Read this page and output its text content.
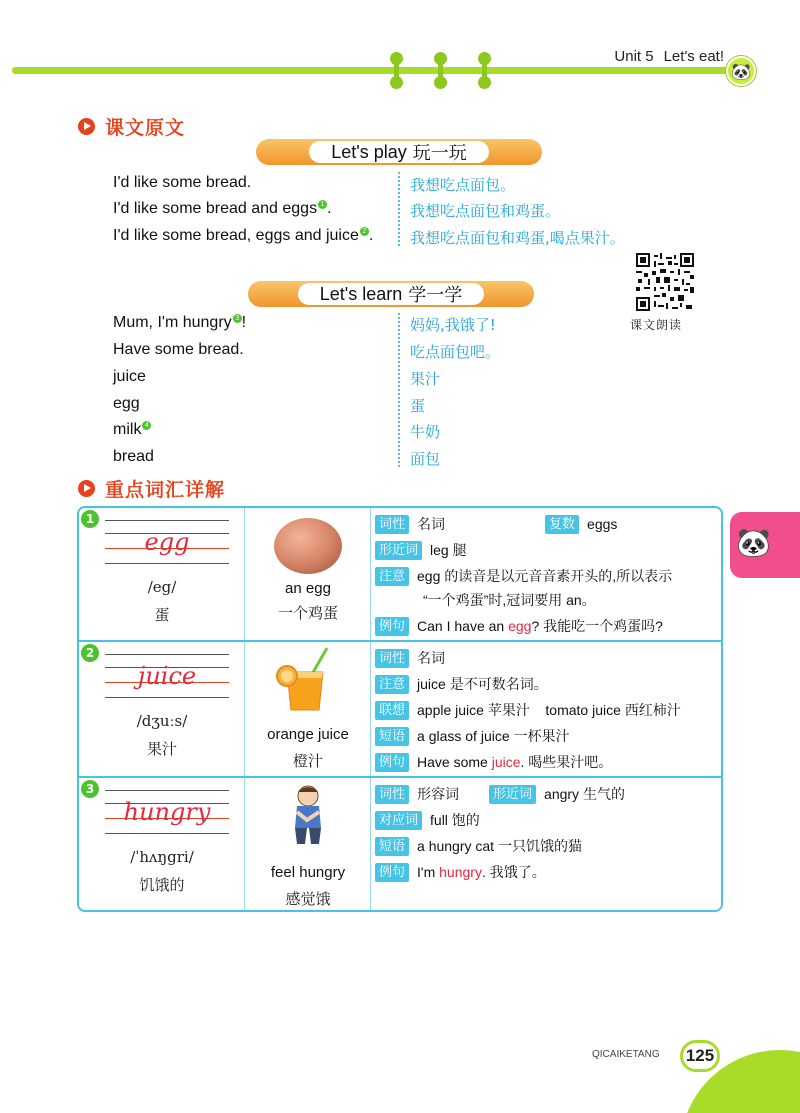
Unit 5 Let's eat!
🐼
课文原文
Let's play 玩一玩
I'd like some bread.	我想吃点面包。
I'd like some bread and eggs $^1$ .	我想吃点面包和鸡蛋。
I'd like some bread, eggs and juice $^2$ . 我想吃点面包和鸡蛋,喝点果汁。
Let's learn 学一学
课文朗读
Mum, I'm hungry $^3$ !	妈妈,我饿了!
Have some bread.	吃点面包吧。
juice	果汁
egg	蛋
milk $^4$	牛奶
bread	面包
重点词汇详解
1
egg
/eg/
蛋
an egg
一个鸡蛋
词性 名词	复数 eggs
形近词 leg 腿
注意 egg 的读音是以元音音素开头的,所以表示
“一个鸡蛋”时,冠词要用 an。
例句 Can I have an egg ? 我能吃一个鸡蛋吗?
2
juice
/dʒuːs/
果汁
orange juice
橙汁
词性 名词
注意 juice 是不可数名词。
联想 apple juice 苹果汁    tomato juice 西红柿汁
短语 a glass of juice 一杯果汁
例句 Have some juice . 喝些果汁吧。
3
hungry
/ˈhʌŋgri/
饥饿的
feel hungry
感觉饿
词性 形容词	形近词 angry 生气的
对应词 full 饱的
短语 a hungry cat 一只饥饿的猫
例句 I'm hungry . 我饿了。
🐼
QICAIKETANG	125
